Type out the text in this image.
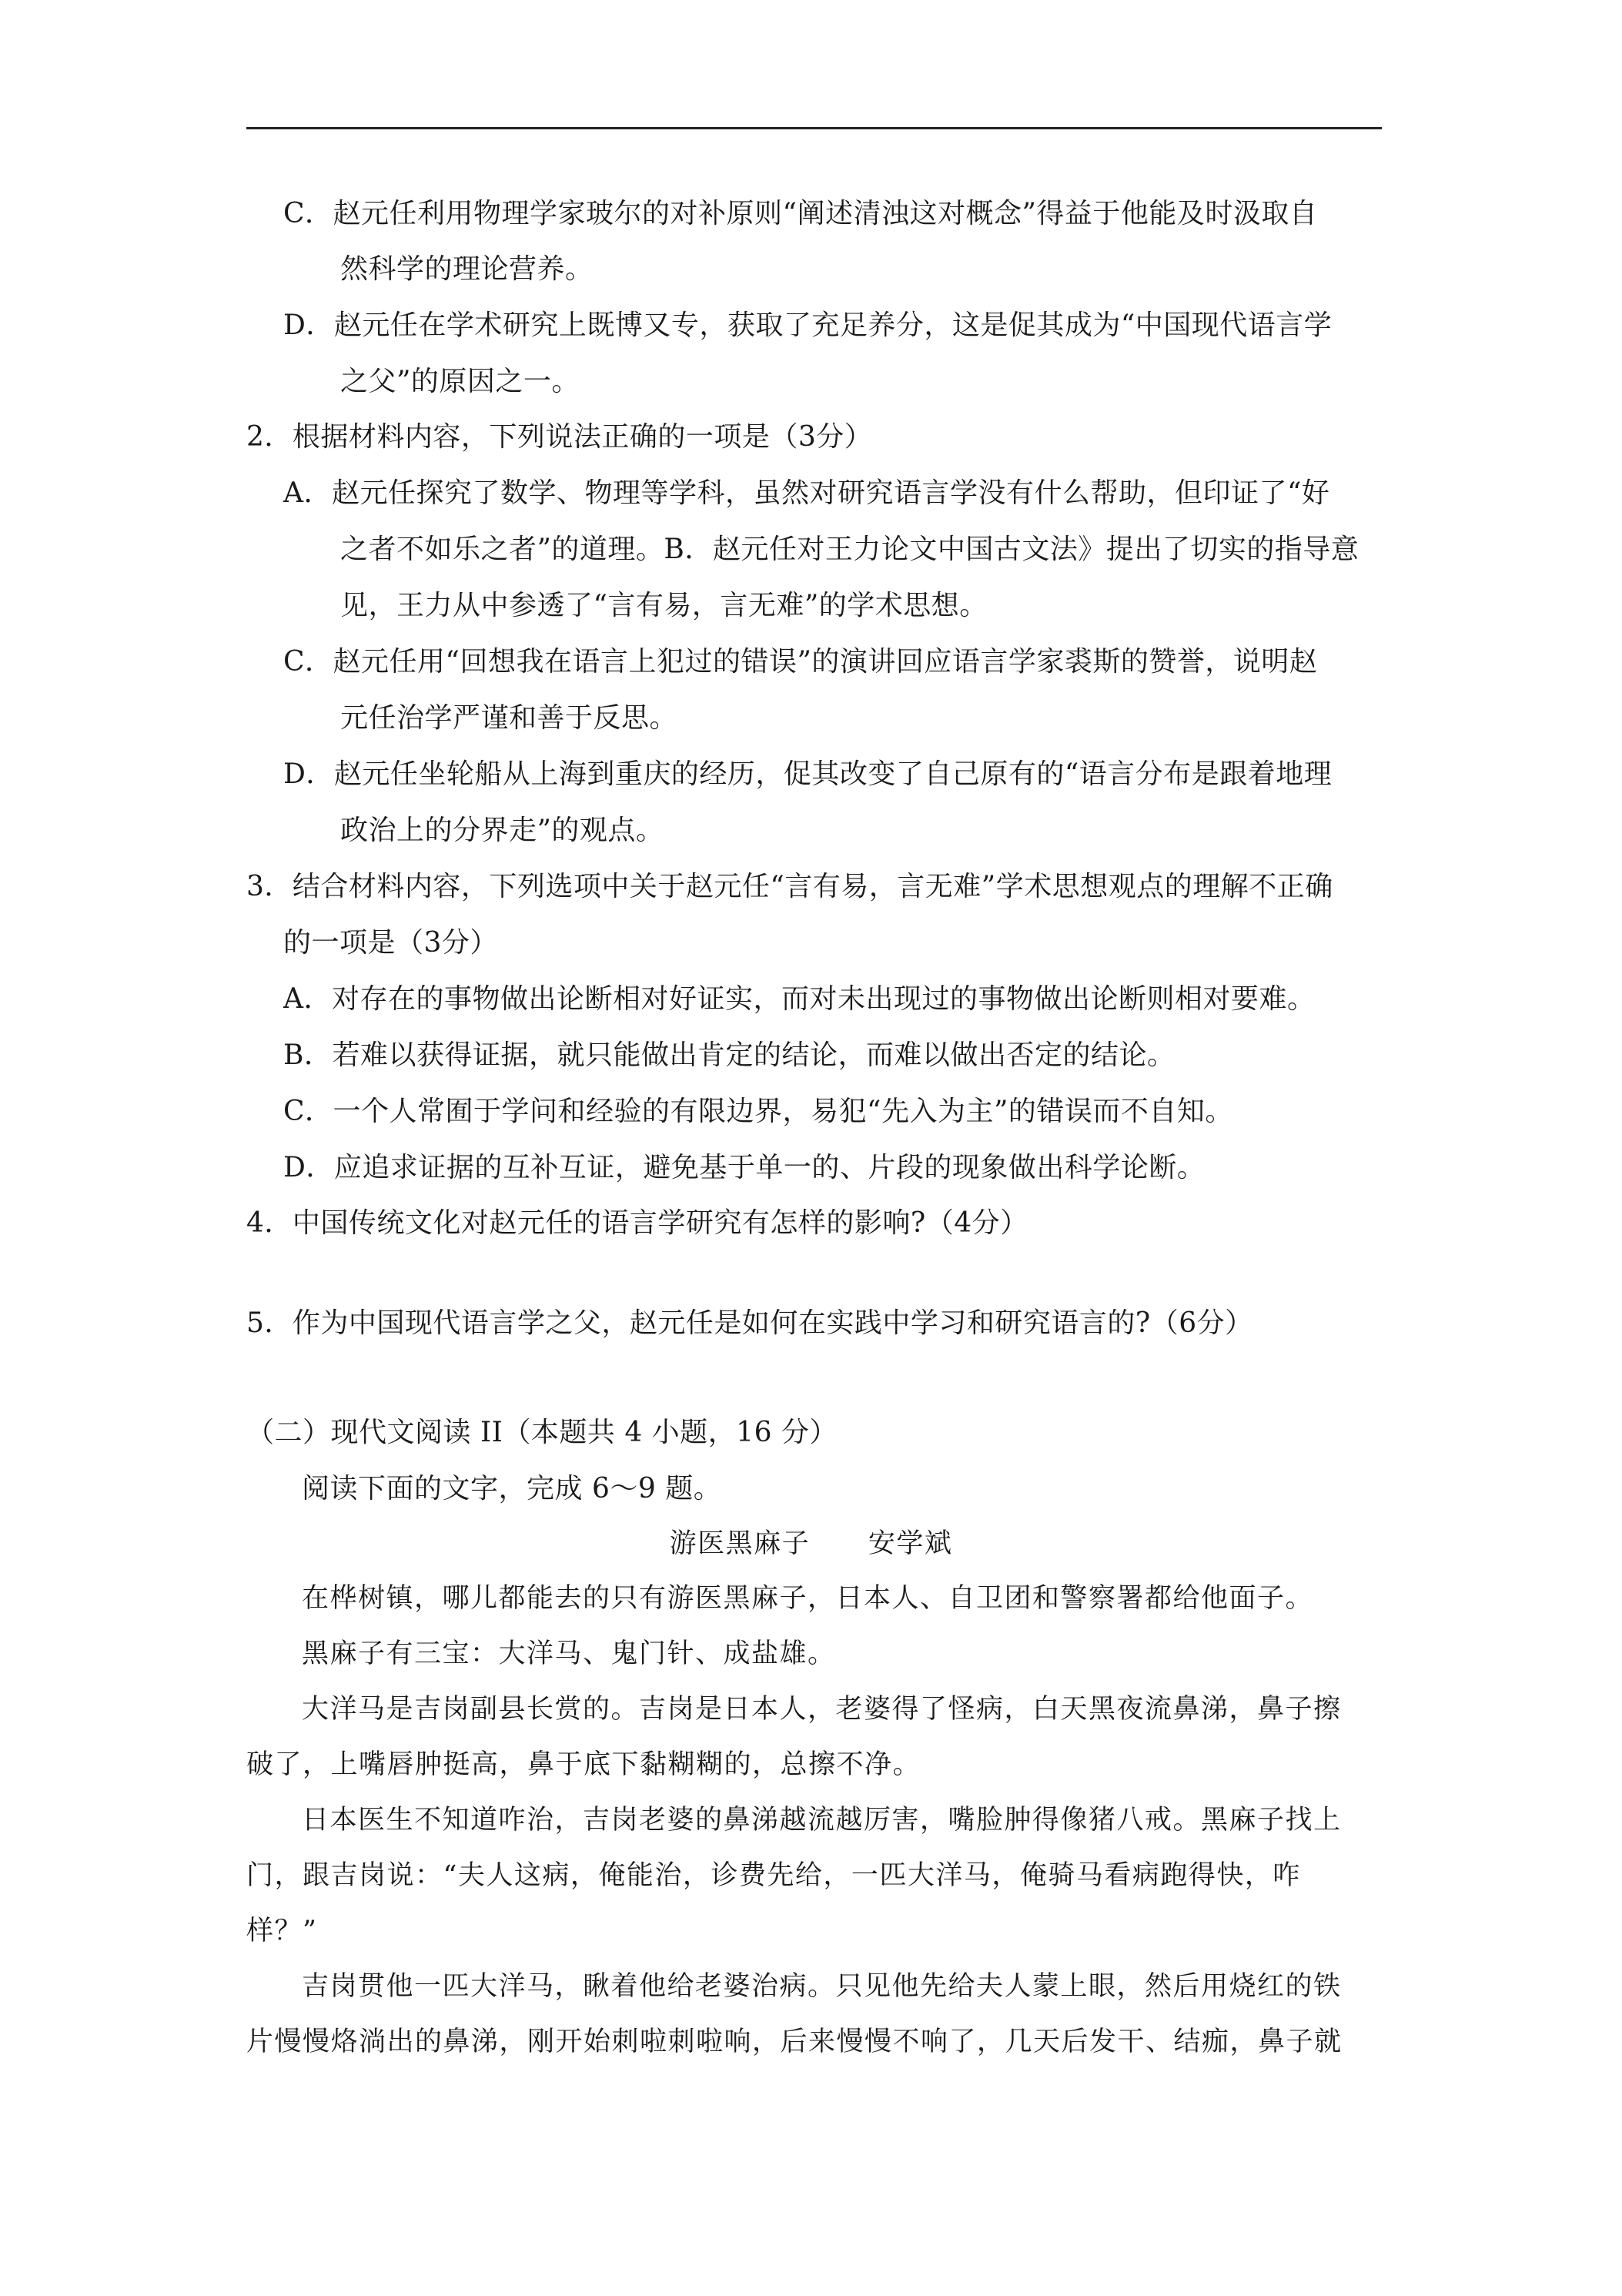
C．赵元任利用物理学家玻尔的对补原则“阐述清浊这对概念”得益于他能及时汲取自

然科学的理论营养。

D．赵元任在学术研究上既博又专，获取了充足养分，这是促其成为“中国现代语言学

之父”的原因之一。

2．根据材料内容，下列说法正确的一项是（3分）

A．赵元任探究了数学、物理等学科，虽然对研究语言学没有什么帮助，但印证了“好

之者不如乐之者”的道理。B．赵元任对王力论文中国古文法》提出了切实的指导意

见，王力从中参透了“言有易，言无难”的学术思想。

C．赵元任用“回想我在语言上犯过的错误”的演讲回应语言学家裘斯的赞誉，说明赵

元任治学严谨和善于反思。

D．赵元任坐轮船从上海到重庆的经历，促其改变了自己原有的“语言分布是跟着地理

政治上的分界走”的观点。

3．结合材料内容，下列选项中关于赵元任“言有易，言无难”学术思想观点的理解不正确

的一项是（3分）

A．对存在的事物做出论断相对好证实，而对未出现过的事物做出论断则相对要难。

B．若难以获得证据，就只能做出肯定的结论，而难以做出否定的结论。

C．一个人常囿于学问和经验的有限边界，易犯“先入为主”的错误而不自知。

D．应追求证据的互补互证，避免基于单一的、片段的现象做出科学论断。

4．中国传统文化对赵元任的语言学研究有怎样的影响?（4分）

5．作为中国现代语言学之父，赵元任是如何在实践中学习和研究语言的?（6分）

（二）现代文阅读 II（本题共 4 小题，16 分）

阅读下面的文字，完成 6～9 题。

游医黑麻子      安学斌

在桦树镇，哪儿都能去的只有游医黑麻子，日本人、自卫团和警察署都给他面子。

黑麻子有三宝：大洋马、鬼门针、成盐雄。

大洋马是吉岗副县长赏的。吉岗是日本人，老婆得了怪病，白天黑夜流鼻涕，鼻子擦

破了，上嘴唇肿挺高，鼻于底下黏糊糊的，总擦不净。

日本医生不知道咋治，吉岗老婆的鼻涕越流越厉害，嘴脸肿得像猪八戒。黑麻子找上

门，跟吉岗说：“夫人这病，俺能治，诊费先给，一匹大洋马，俺骑马看病跑得快，咋

样？”

吉岗贯他一匹大洋马，瞅着他给老婆治病。只见他先给夫人蒙上眼，然后用烧红的铁

片慢慢烙淌出的鼻涕，刚开始刺啦刺啦响，后来慢慢不响了，几天后发干、结痂，鼻子就
